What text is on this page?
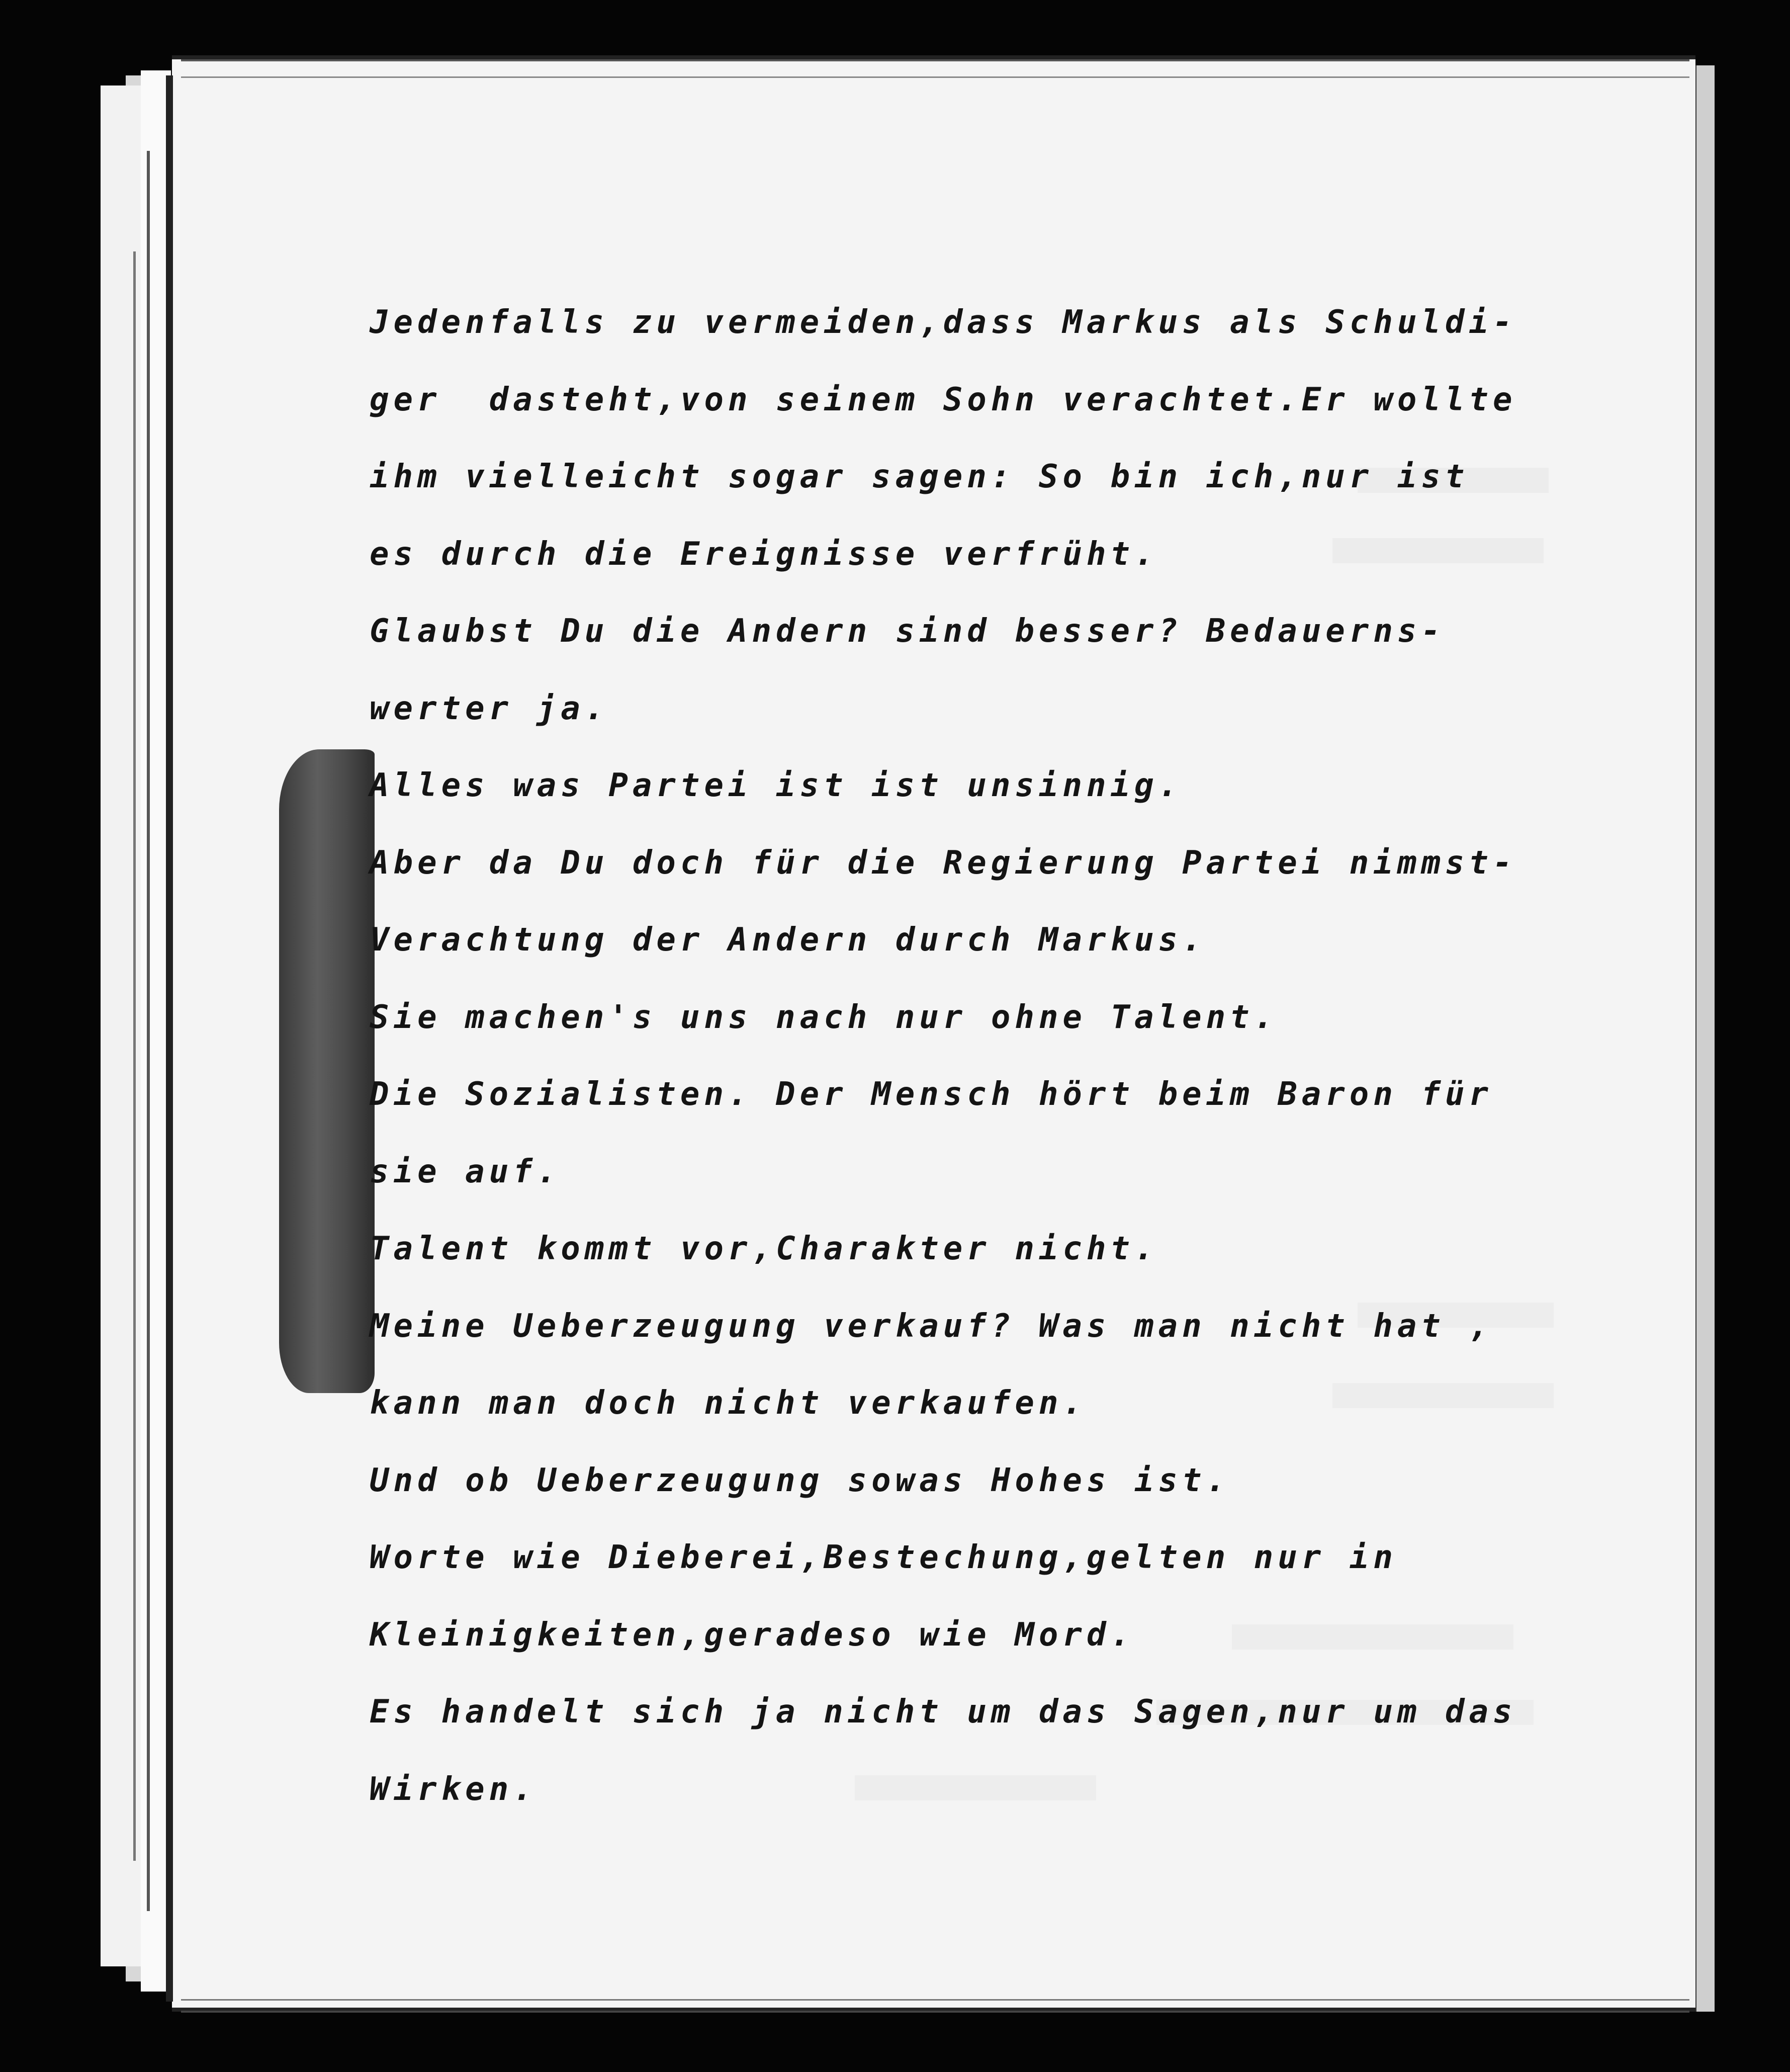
Jedenfalls zu vermeiden,dass Markus als Schuldi-
ger  dasteht,von seinem Sohn verachtet.Er wollte
ihm vielleicht sogar sagen: So bin ich,nur ist
es durch die Ereignisse verfrüht.
Glaubst Du die Andern sind besser? Bedauerns-
werter ja.
Alles was Partei ist ist unsinnig.
Aber da Du doch für die Regierung Partei nimmst-
Verachtung der Andern durch Markus.
Sie machen's uns nach nur ohne Talent.
Die Sozialisten. Der Mensch hört beim Baron für
sie auf.
Talent kommt vor,Charakter nicht.
Meine Ueberzeugung verkauf? Was man nicht hat ,
kann man doch nicht verkaufen.
Und ob Ueberzeugung sowas Hohes ist.
Worte wie Dieberei,Bestechung,gelten nur in
Kleinigkeiten,geradeso wie Mord.
Es handelt sich ja nicht um das Sagen,nur um das
Wirken.
